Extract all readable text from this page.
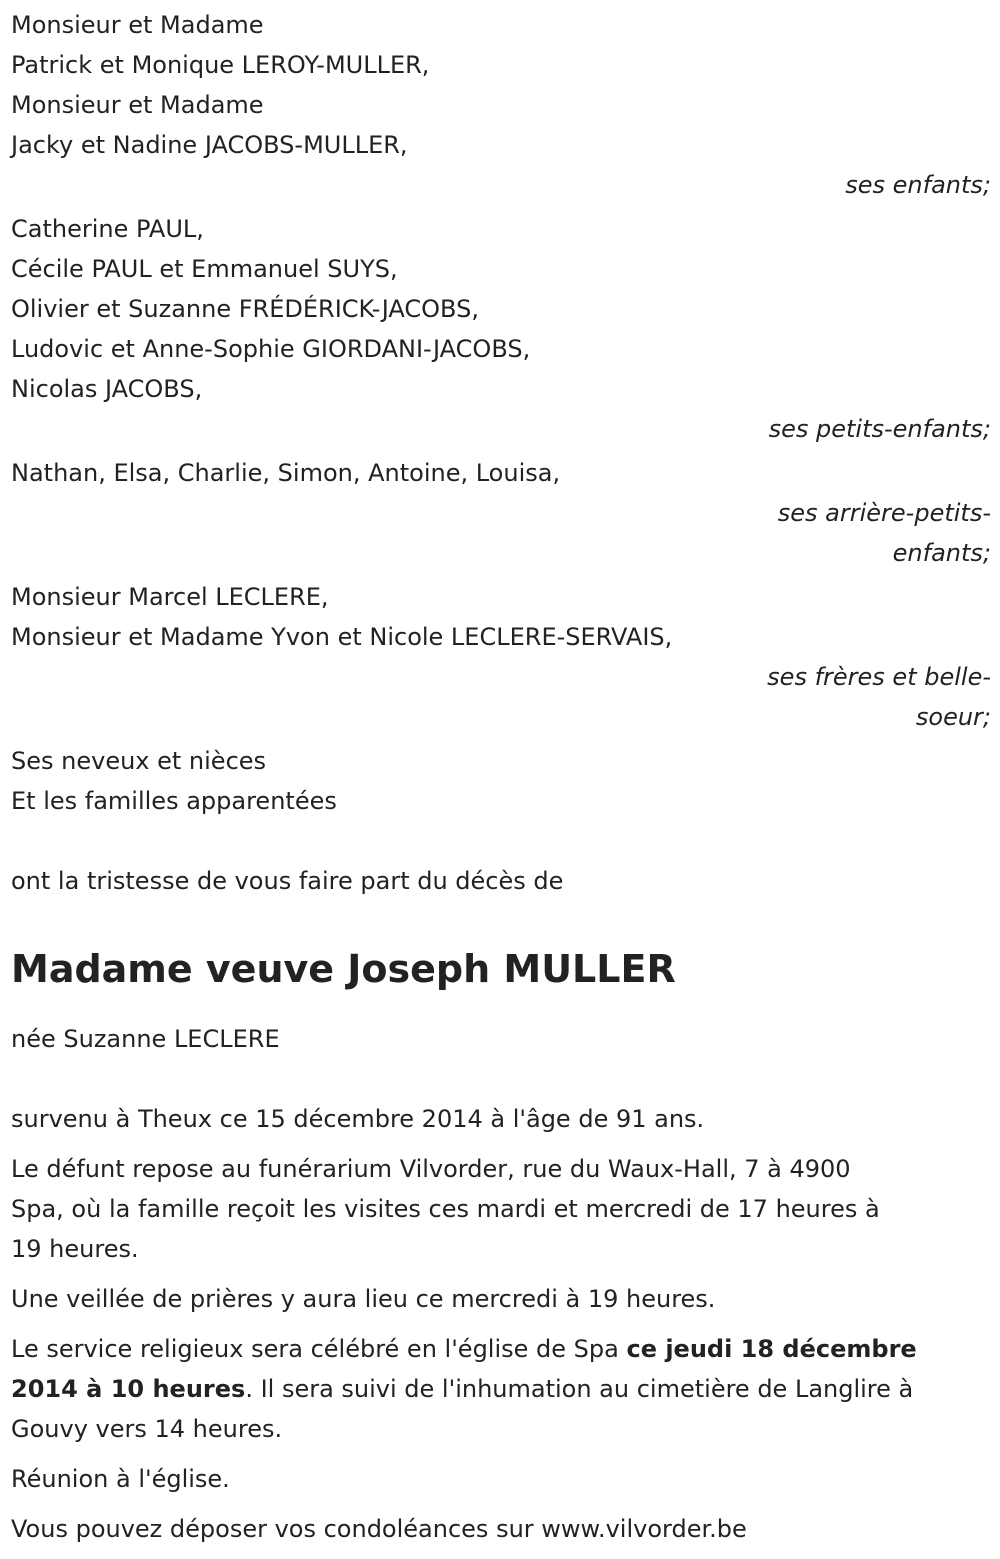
Monsieur et Madame
Patrick et Monique LEROY-MULLER,
Monsieur et Madame
Jacky et Nadine JACOBS-MULLER,
ses enfants;
Catherine PAUL,
Cécile PAUL et Emmanuel SUYS,
Olivier et Suzanne FRÉDÉRICK-JACOBS,
Ludovic et Anne-Sophie GIORDANI-JACOBS,
Nicolas JACOBS,
ses petits-enfants;
Nathan, Elsa, Charlie, Simon, Antoine, Louisa,
ses arrière-petits-
enfants;
Monsieur Marcel LECLERE,
Monsieur et Madame Yvon et Nicole LECLERE-SERVAIS,
ses frères et belle-
soeur;
Ses neveux et nièces
Et les familles apparentées
ont la tristesse de vous faire part du décès de
Madame veuve Joseph MULLER
née Suzanne LECLERE
survenu à Theux ce 15 décembre 2014 à l'âge de 91 ans.
Le défunt repose au funérarium Vilvorder, rue du Waux-Hall, 7 à 4900
Spa, où la famille reçoit les visites ces mardi et mercredi de 17 heures à
19 heures.
Une veillée de prières y aura lieu ce mercredi à 19 heures.
Le service religieux sera célébré en l'église de Spa ce jeudi 18 décembre
2014 à 10 heures. Il sera suivi de l'inhumation au cimetière de Langlire à
Gouvy vers 14 heures.
Réunion à l'église.
Vous pouvez déposer vos condoléances sur www.vilvorder.be
